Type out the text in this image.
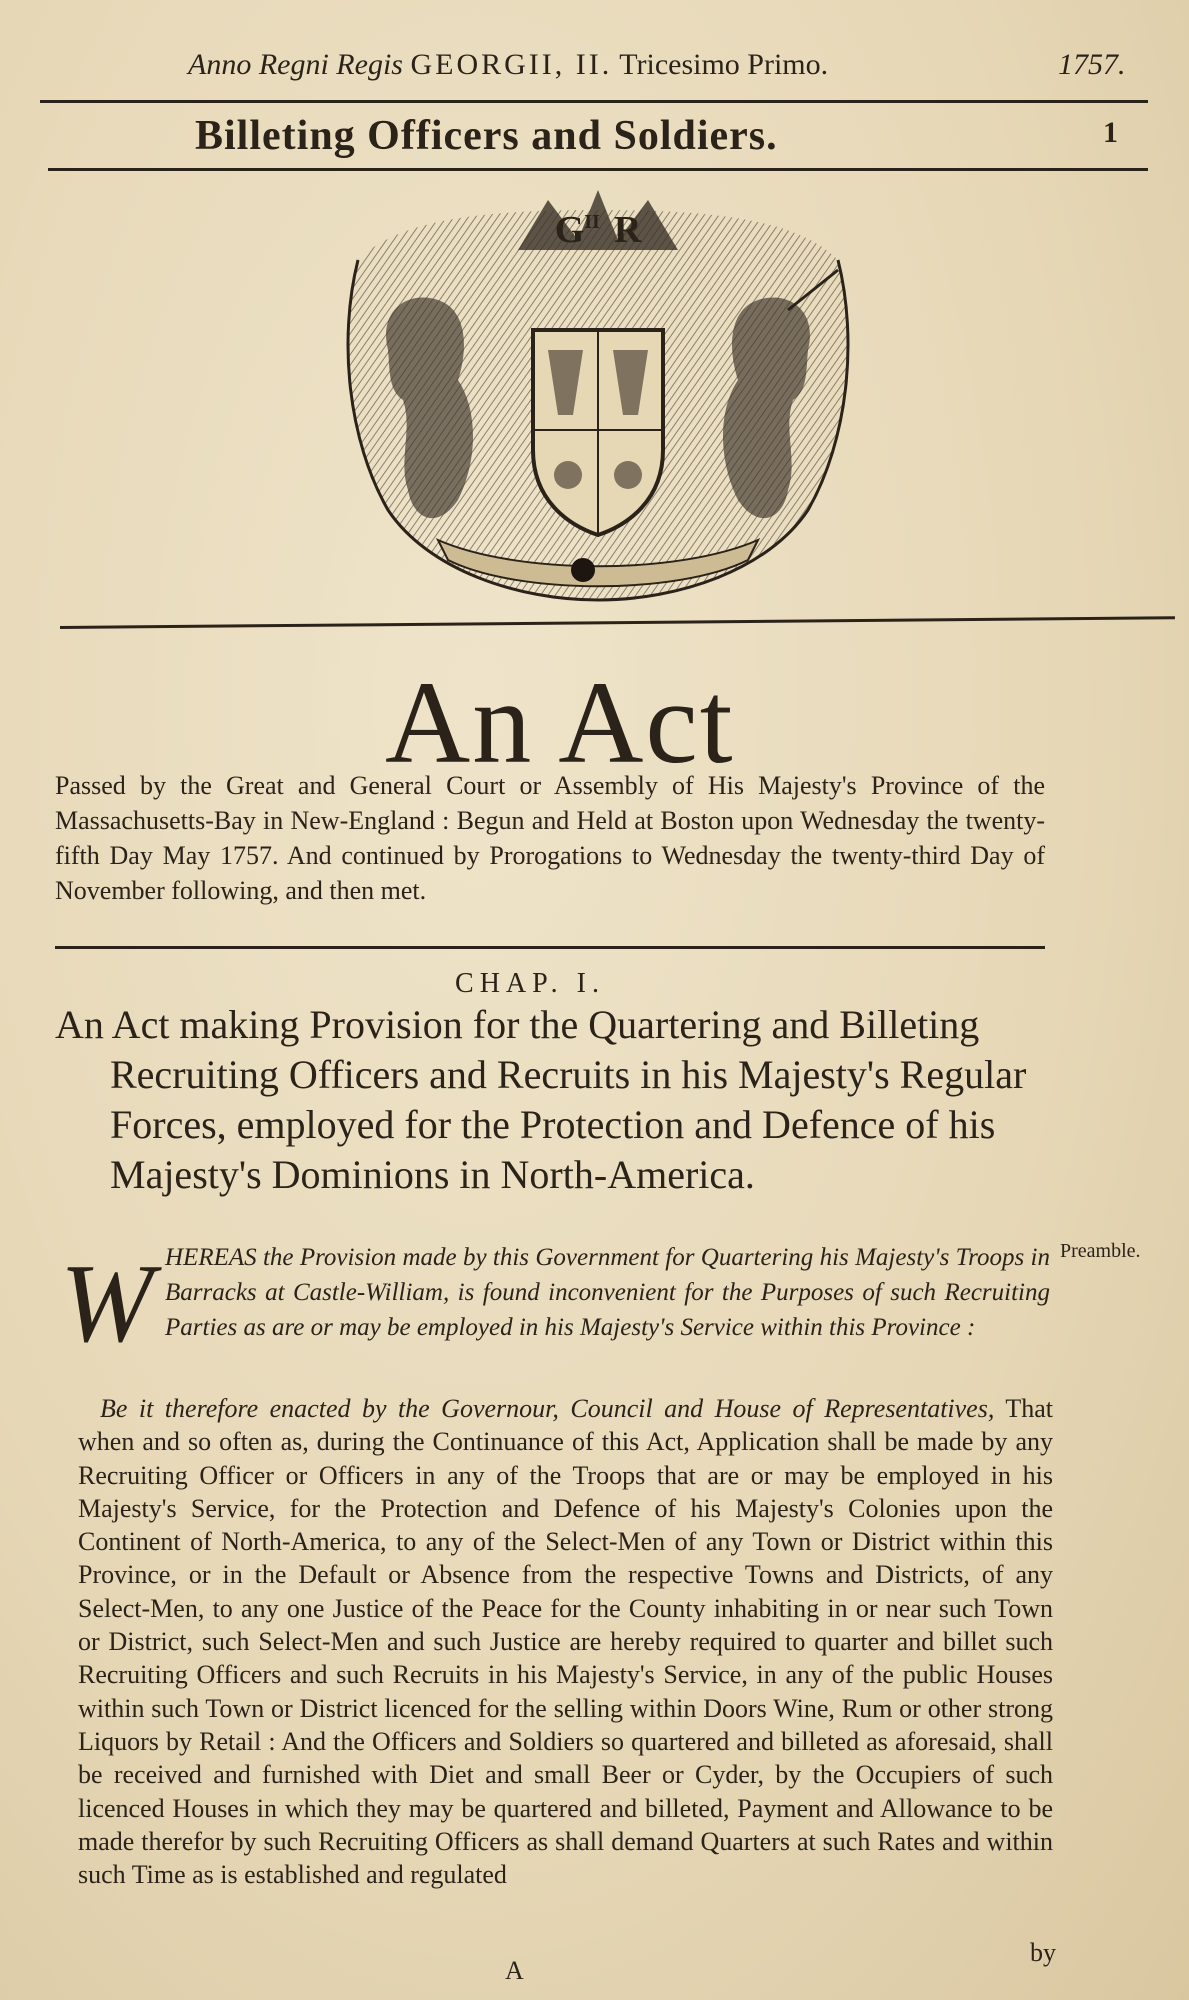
Anno Regni Regis GEORGII, II. Tricesimo Primo.	1757.
Billeting Officers and Soldiers.	1
$G^{II}$ R
An Act
Passed by the Great and General Court or Assembly of His Majesty's Province of the Massachusetts-Bay in New-England : Begun and Held at Boston upon Wednesday the twenty-fifth Day May 1757. And continued by Prorogations to Wednesday the twenty-third Day of November following, and then met.
CHAP. I.
An Act making Provision for the Quartering and Billeting Recruiting Officers and Recruits in his Majesty's Regular Forces, employed for the Protection and Defence of his Majesty's Dominions in North-America.
Preamble.
W HEREAS the Provision made by this Government for Quartering his Majesty's Troops in Barracks at Castle-William, is found inconvenient for the Purposes of such Recruiting Parties as are or may be employed in his Majesty's Service within this Province :
Be it therefore enacted by the Governour, Council and House of Representatives, That when and so often as, during the Continuance of this Act, Application shall be made by any Recruiting Officer or Officers in any of the Troops that are or may be employed in his Majesty's Service, for the Protection and Defence of his Majesty's Colonies upon the Continent of North-America, to any of the Select-Men of any Town or District within this Province, or in the Default or Absence from the respective Towns and Districts, of any Select-Men, to any one Justice of the Peace for the County inhabiting in or near such Town or District, such Select-Men and such Justice are hereby required to quarter and billet such Recruiting Officers and such Recruits in his Majesty's Service, in any of the public Houses within such Town or District licenced for the selling within Doors Wine, Rum or other strong Liquors by Retail : And the Officers and Soldiers so quartered and billeted as aforesaid, shall be received and furnished with Diet and small Beer or Cyder, by the Occupiers of such licenced Houses in which they may be quartered and billeted, Payment and Allowance to be made therefor by such Recruiting Officers as shall demand Quarters at such Rates and within such Time as is established and regulated
by
A
